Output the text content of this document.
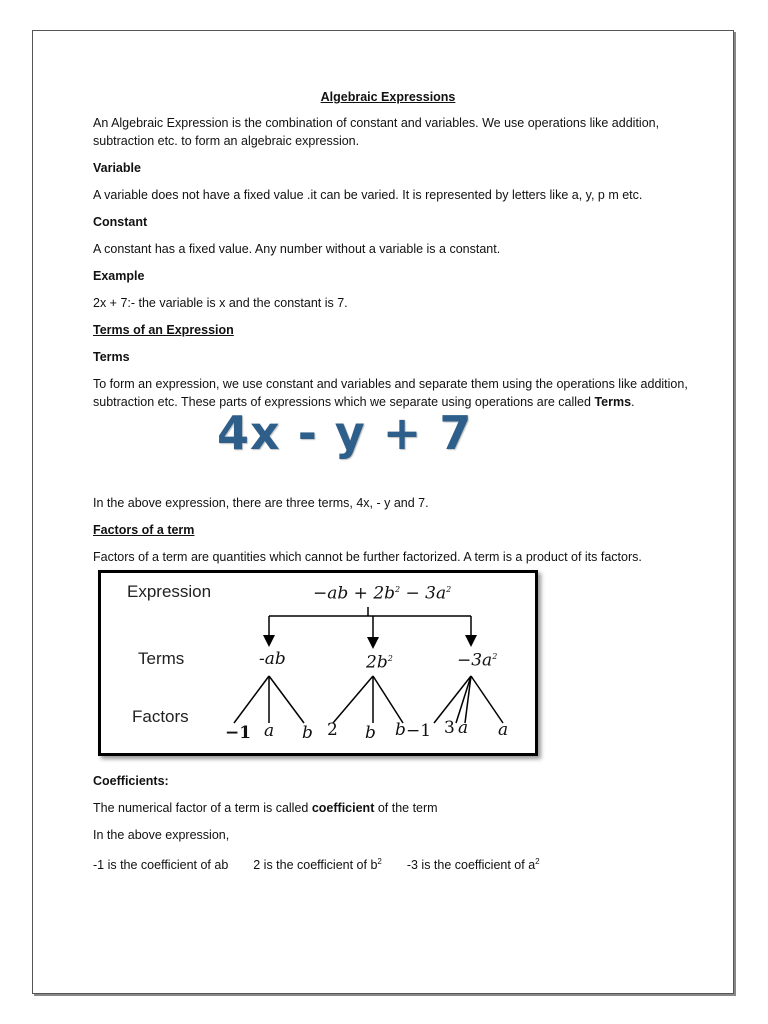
Algebraic Expressions

An Algebraic Expression is the combination of constant and variables. We use operations like addition, subtraction etc. to form an algebraic expression.

Variable

A variable does not have a fixed value .it can be varied. It is represented by letters like a, y, p m etc.

Constant

A constant has a fixed value. Any number without a variable is a constant.

Example

2x + 7:- the variable is x and the constant is 7.

Terms of an Expression
Terms

To form an expression, we use constant and variables and separate them using the operations like addition, subtraction etc. These parts of expressions which we separate using operations are called Terms.

4x - y + 7

In the above expression, there are three terms, 4x, - y and 7.

Factors of a term

Factors of a term are quantities which cannot be further factorized. A term is a product of its factors.

Expression
Terms
Factors
$-ab + 2b^2 - 3a^2$
-ab	$2b^2$	$-3a^2$
−1 a b 2 b b −1 3 a a
Coefficients:

The numerical factor of a term is called coefficient of the term

In the above expression,

-1 is the coefficient of ab 2 is the coefficient of $b^2$ -3 is the coefficient of $a^2$
